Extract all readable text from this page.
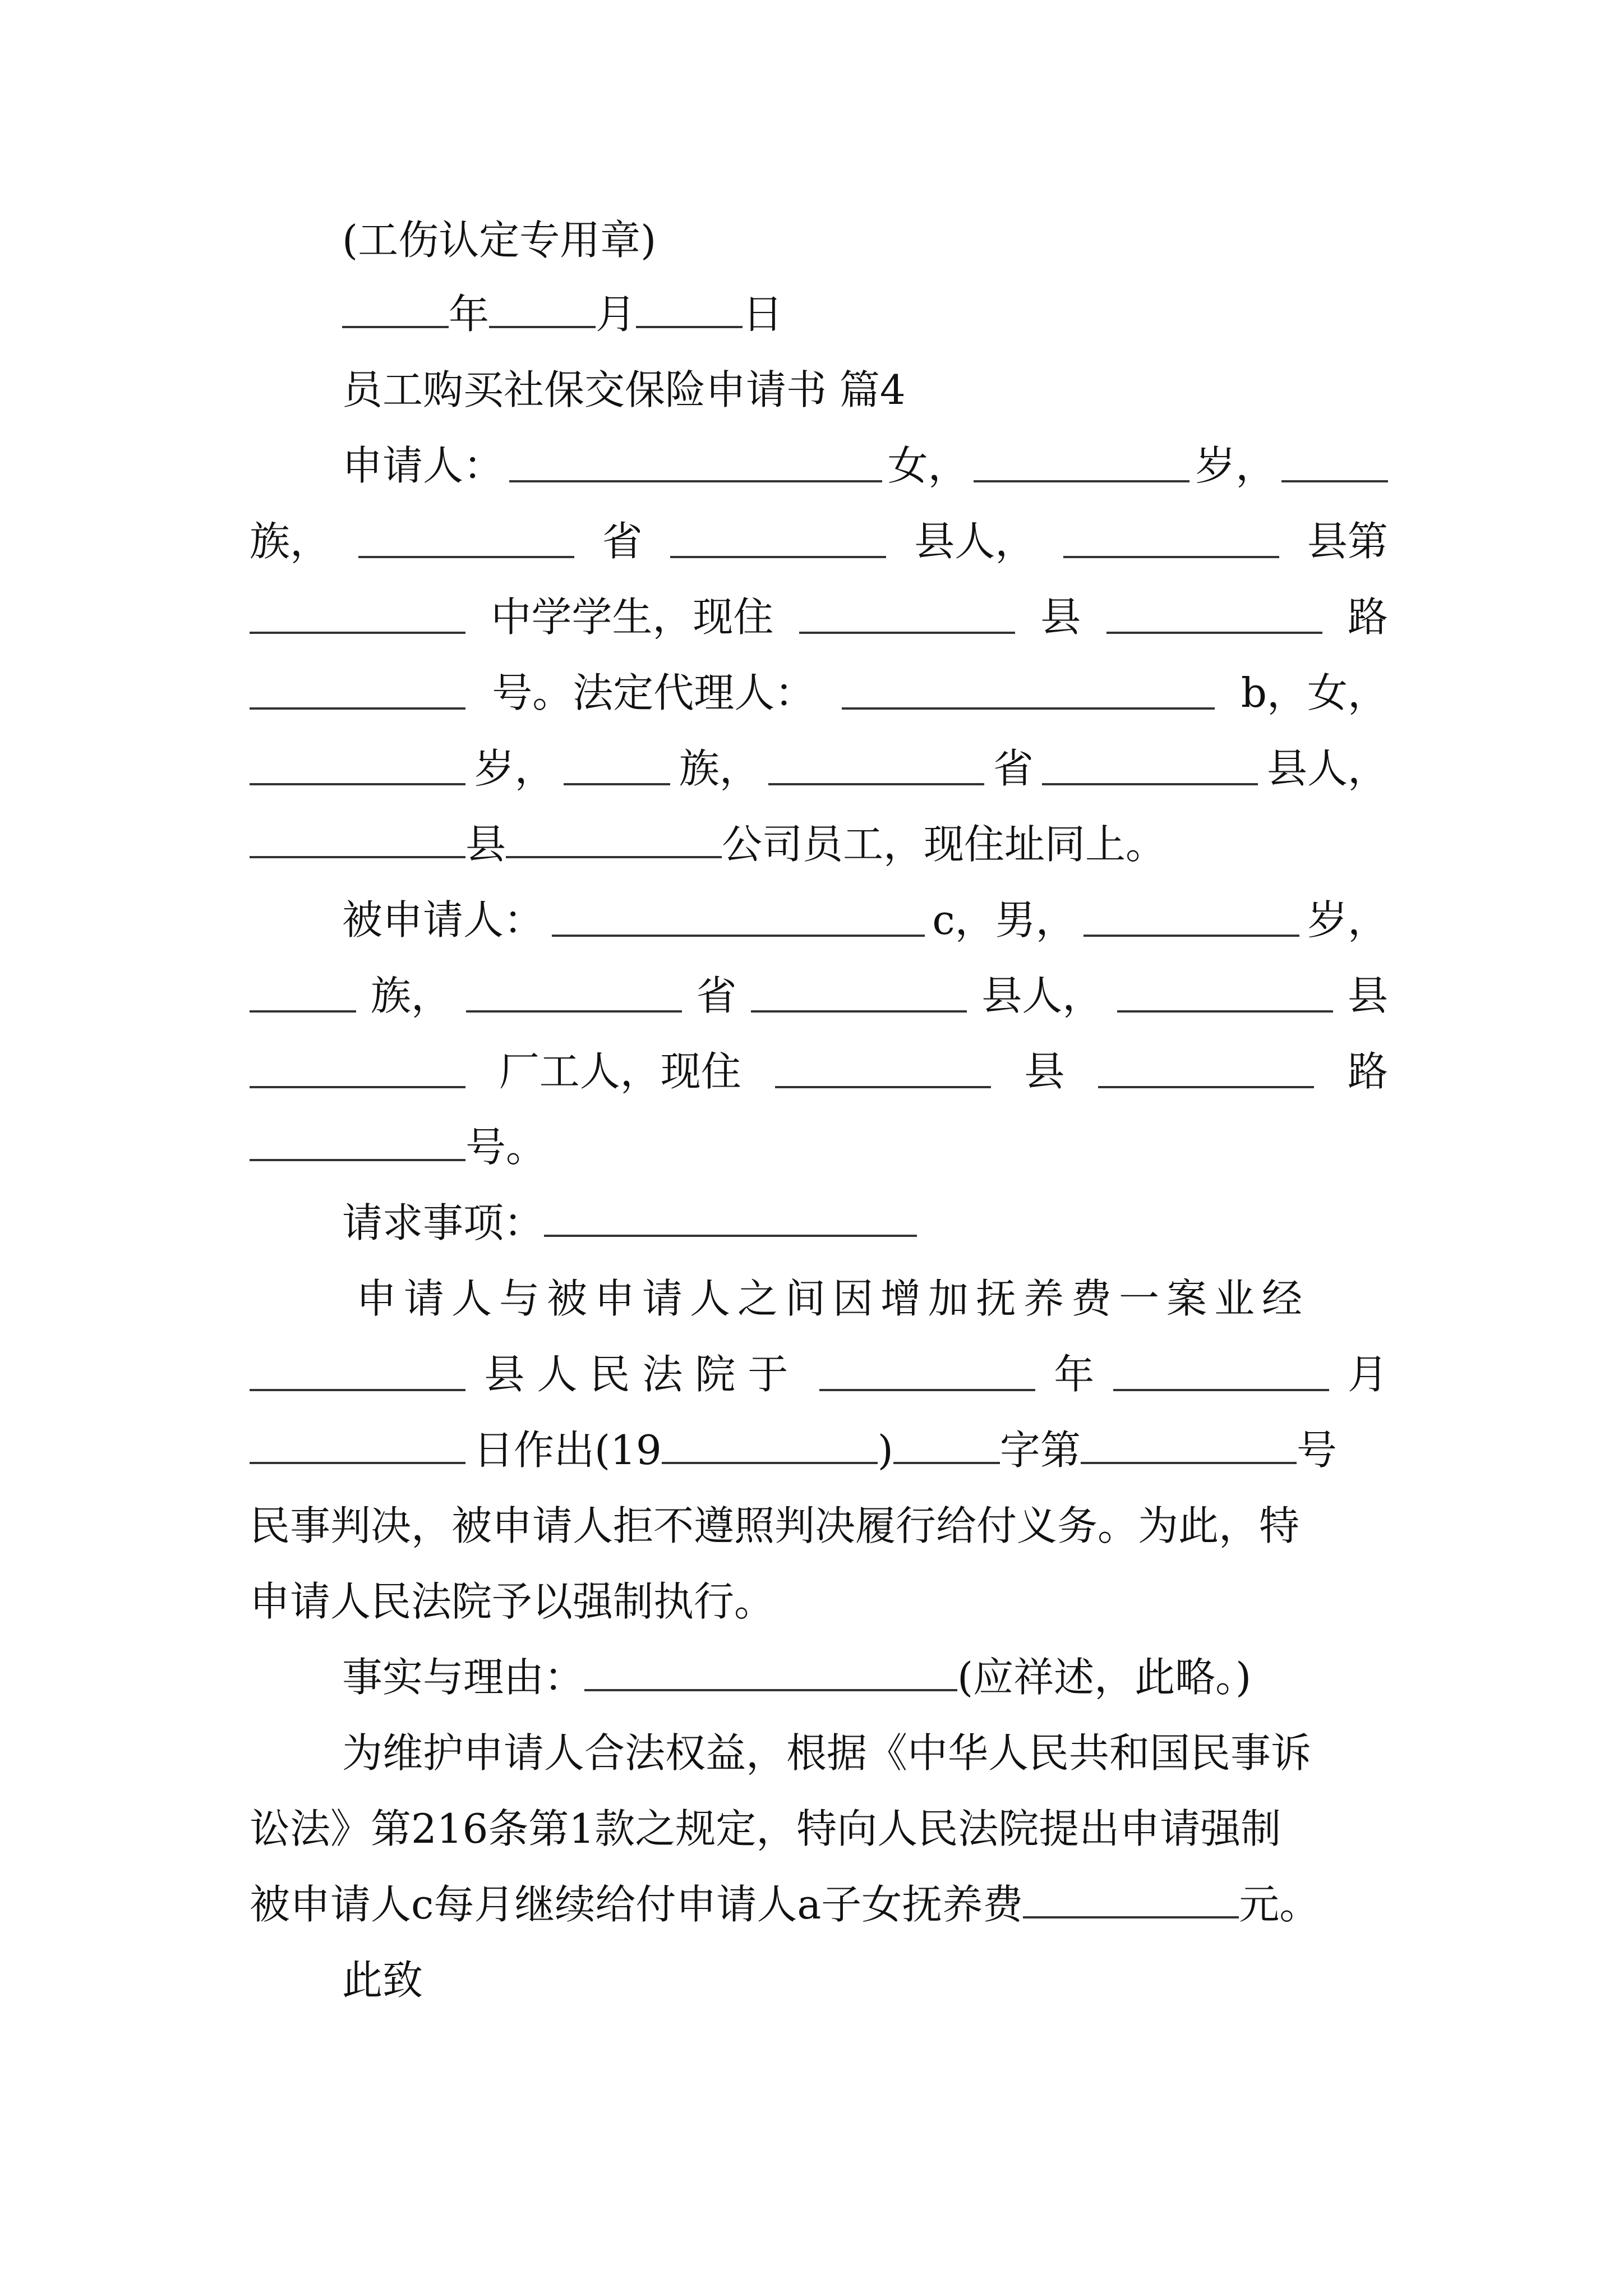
(工伤认定专用章)
年	月	日
员工购买社保交保险申请书 篇4
申请人：	女，	岁，
族，	省	县人，	县第
中学学生，现住	县	路
号。法定代理人：	b，女，
岁，	族，	省	县人，
县	公司员工，现住址同上。
被申请人：	c，男，	岁，
族，	省	县人，	县
厂工人，现住	县	路
号。
请求事项：
申请人与被申请人之间因增加抚养费一案业经
县人民法院于	年	月
日作出(19	)	字第	号
民事判决，被申请人拒不遵照判决履行给付义务。为此，特
申请人民法院予以强制执行。
事实与理由：	(应祥述，此略。)
为维护申请人合法权益，根据《中华人民共和国民事诉
讼法》第216条第1款之规定，特向人民法院提出申请强制
被申请人c每月继续给付申请人a子女抚养费	元。
此致
